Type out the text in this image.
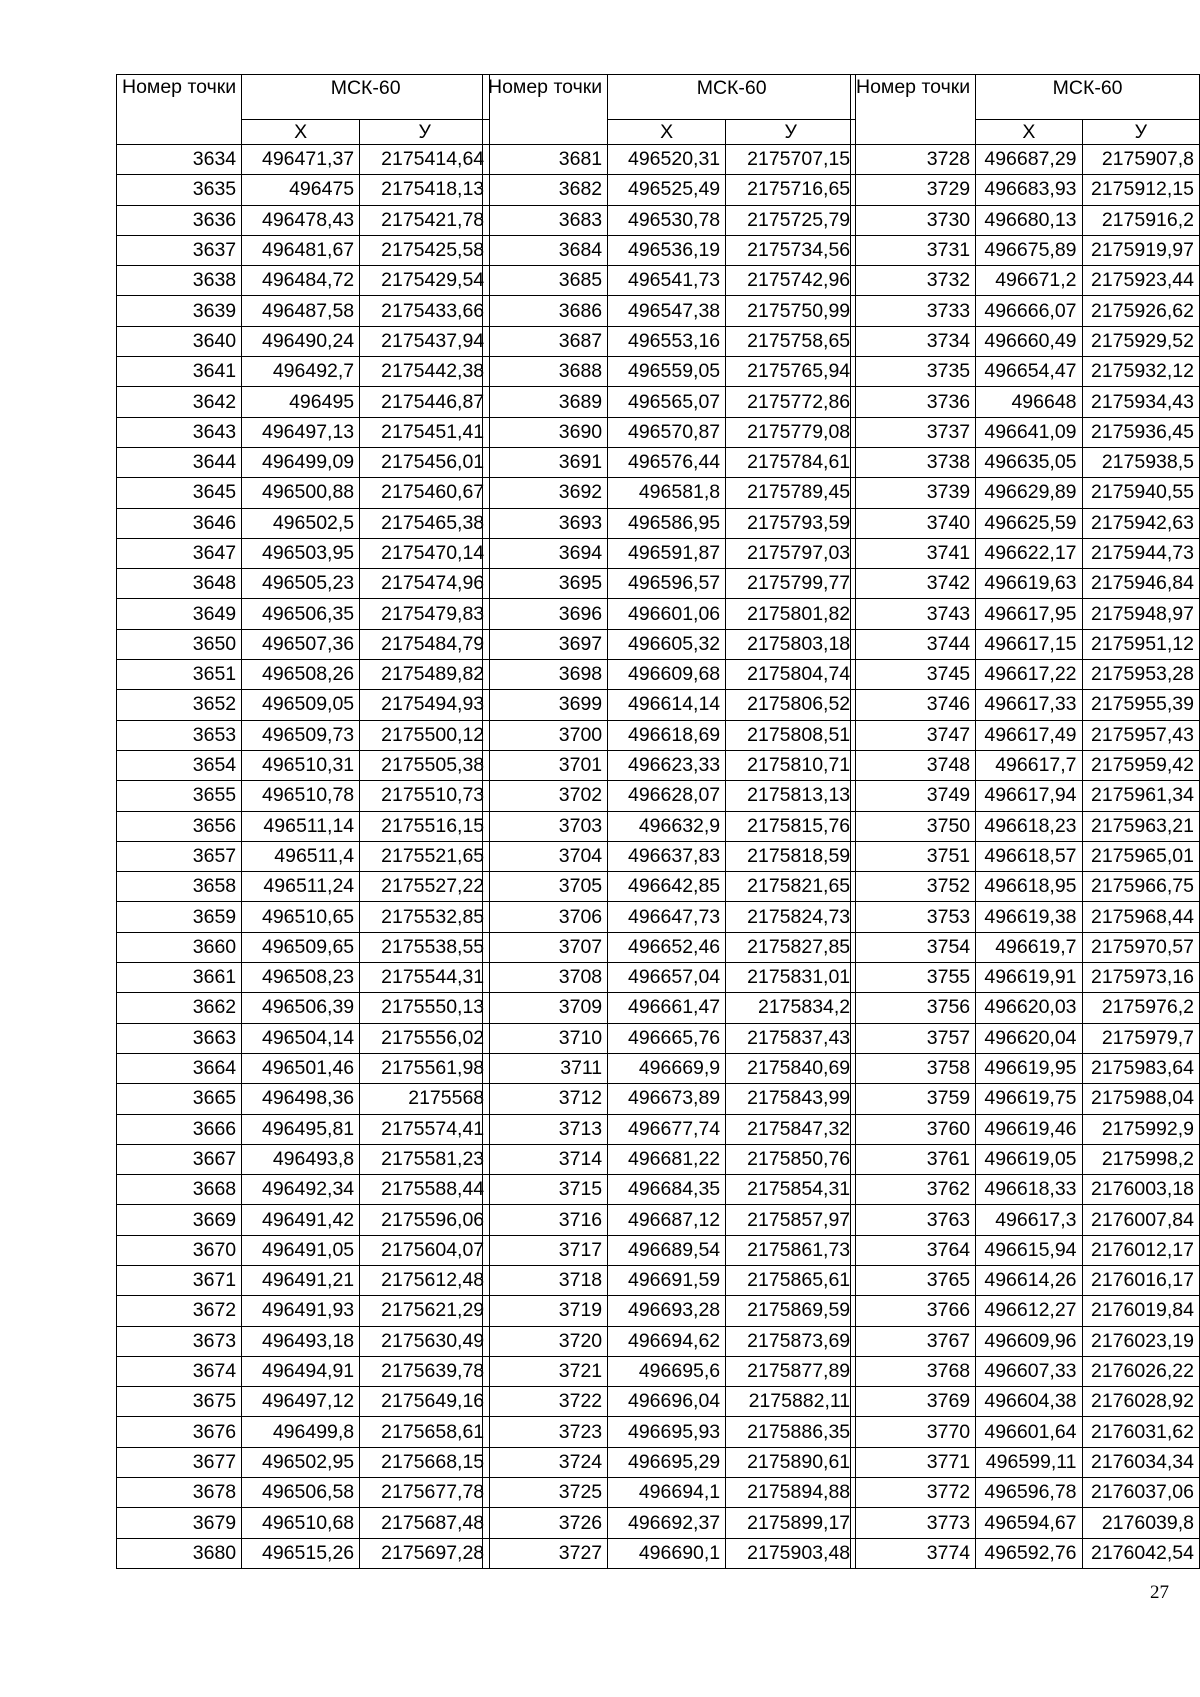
Номер точки	МСК-60	
	Х	У
3634	496471,37	2175414,64
3635	496475	2175418,13
3636	496478,43	2175421,78
3637	496481,67	2175425,58
3638	496484,72	2175429,54
3639	496487,58	2175433,66
3640	496490,24	2175437,94
3641	496492,7	2175442,38
3642	496495	2175446,87
3643	496497,13	2175451,41
3644	496499,09	2175456,01
3645	496500,88	2175460,67
3646	496502,5	2175465,38
3647	496503,95	2175470,14
3648	496505,23	2175474,96
3649	496506,35	2175479,83
3650	496507,36	2175484,79
3651	496508,26	2175489,82
3652	496509,05	2175494,93
3653	496509,73	2175500,12
3654	496510,31	2175505,38
3655	496510,78	2175510,73
3656	496511,14	2175516,15
3657	496511,4	2175521,65
3658	496511,24	2175527,22
3659	496510,65	2175532,85
3660	496509,65	2175538,55
3661	496508,23	2175544,31
3662	496506,39	2175550,13
3663	496504,14	2175556,02
3664	496501,46	2175561,98
3665	496498,36	2175568
3666	496495,81	2175574,41
3667	496493,8	2175581,23
3668	496492,34	2175588,44
3669	496491,42	2175596,06
3670	496491,05	2175604,07
3671	496491,21	2175612,48
3672	496491,93	2175621,29
3673	496493,18	2175630,49
3674	496494,91	2175639,78
3675	496497,12	2175649,16
3676	496499,8	2175658,61
3677	496502,95	2175668,15
3678	496506,58	2175677,78
3679	496510,68	2175687,48
3680	496515,26	2175697,28
Номер точки	МСК-60	
	Х	У
3681	496520,31	2175707,15
3682	496525,49	2175716,65
3683	496530,78	2175725,79
3684	496536,19	2175734,56
3685	496541,73	2175742,96
3686	496547,38	2175750,99
3687	496553,16	2175758,65
3688	496559,05	2175765,94
3689	496565,07	2175772,86
3690	496570,87	2175779,08
3691	496576,44	2175784,61
3692	496581,8	2175789,45
3693	496586,95	2175793,59
3694	496591,87	2175797,03
3695	496596,57	2175799,77
3696	496601,06	2175801,82
3697	496605,32	2175803,18
3698	496609,68	2175804,74
3699	496614,14	2175806,52
3700	496618,69	2175808,51
3701	496623,33	2175810,71
3702	496628,07	2175813,13
3703	496632,9	2175815,76
3704	496637,83	2175818,59
3705	496642,85	2175821,65
3706	496647,73	2175824,73
3707	496652,46	2175827,85
3708	496657,04	2175831,01
3709	496661,47	2175834,2
3710	496665,76	2175837,43
3711	496669,9	2175840,69
3712	496673,89	2175843,99
3713	496677,74	2175847,32
3714	496681,22	2175850,76
3715	496684,35	2175854,31
3716	496687,12	2175857,97
3717	496689,54	2175861,73
3718	496691,59	2175865,61
3719	496693,28	2175869,59
3720	496694,62	2175873,69
3721	496695,6	2175877,89
3722	496696,04	2175882,11
3723	496695,93	2175886,35
3724	496695,29	2175890,61
3725	496694,1	2175894,88
3726	496692,37	2175899,17
3727	496690,1	2175903,48
Номер точки	МСК-60	
	Х	У
3728	496687,29	2175907,8
3729	496683,93	2175912,15
3730	496680,13	2175916,2
3731	496675,89	2175919,97
3732	496671,2	2175923,44
3733	496666,07	2175926,62
3734	496660,49	2175929,52
3735	496654,47	2175932,12
3736	496648	2175934,43
3737	496641,09	2175936,45
3738	496635,05	2175938,5
3739	496629,89	2175940,55
3740	496625,59	2175942,63
3741	496622,17	2175944,73
3742	496619,63	2175946,84
3743	496617,95	2175948,97
3744	496617,15	2175951,12
3745	496617,22	2175953,28
3746	496617,33	2175955,39
3747	496617,49	2175957,43
3748	496617,7	2175959,42
3749	496617,94	2175961,34
3750	496618,23	2175963,21
3751	496618,57	2175965,01
3752	496618,95	2175966,75
3753	496619,38	2175968,44
3754	496619,7	2175970,57
3755	496619,91	2175973,16
3756	496620,03	2175976,2
3757	496620,04	2175979,7
3758	496619,95	2175983,64
3759	496619,75	2175988,04
3760	496619,46	2175992,9
3761	496619,05	2175998,2
3762	496618,33	2176003,18
3763	496617,3	2176007,84
3764	496615,94	2176012,17
3765	496614,26	2176016,17
3766	496612,27	2176019,84
3767	496609,96	2176023,19
3768	496607,33	2176026,22
3769	496604,38	2176028,92
3770	496601,64	2176031,62
3771	496599,11	2176034,34
3772	496596,78	2176037,06
3773	496594,67	2176039,8
3774	496592,76	2176042,54
27
